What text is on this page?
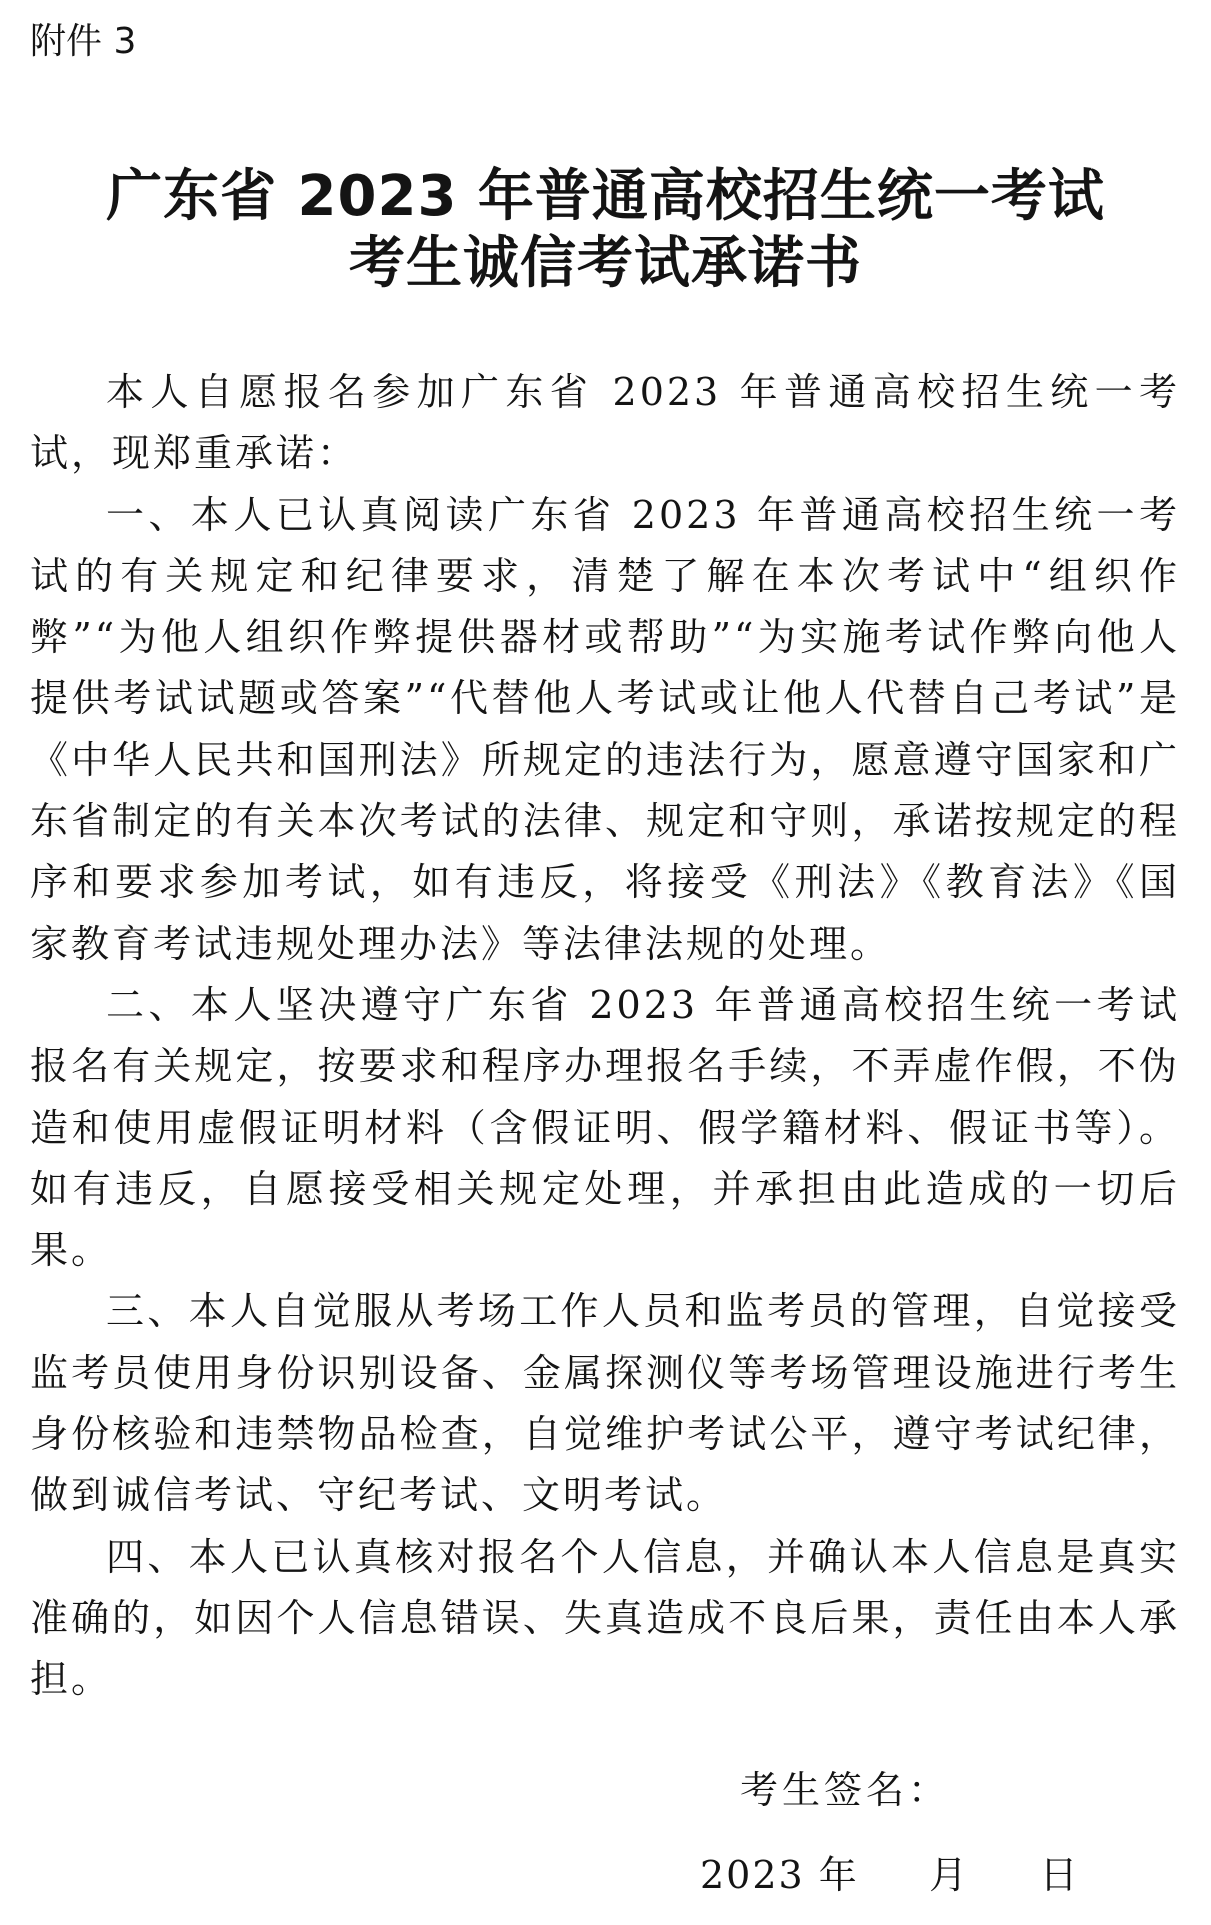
附件 3
广东省 2023 年普通高校招生统一考试
考生诚信考试承诺书

本人自愿报名参加广东省 2023 年普通高校招生统一考试，现郑重承诺：

一、本人已认真阅读广东省 2023 年普通高校招生统一考试的有关规定和纪律要求，清楚了解在本次考试中“组织作弊”“为他人组织作弊提供器材或帮助”“为实施考试作弊向他人提供考试试题或答案”“代替他人考试或让他人代替自己考试”是《中华人民共和国刑法》所规定的违法行为，愿意遵守国家和广东省制定的有关本次考试的法律、规定和守则，承诺按规定的程序和要求参加考试，如有违反，将接受《刑法》《教育法》《国家教育考试违规处理办法》等法律法规的处理。

二、本人坚决遵守广东省 2023 年普通高校招生统一考试报名有关规定，按要求和程序办理报名手续，不弄虚作假，不伪造和使用虚假证明材料（含假证明、假学籍材料、假证书等）。如有违反，自愿接受相关规定处理，并承担由此造成的一切后果。

三、本人自觉服从考场工作人员和监考员的管理，自觉接受监考员使用身份识别设备、金属探测仪等考场管理设施进行考生身份核验和违禁物品检查，自觉维护考试公平，遵守考试纪律，做到诚信考试、守纪考试、文明考试。

四、本人已认真核对报名个人信息，并确认本人信息是真实准确的，如因个人信息错误、失真造成不良后果，责任由本人承担。

考生签名：
2023 年     月     日
